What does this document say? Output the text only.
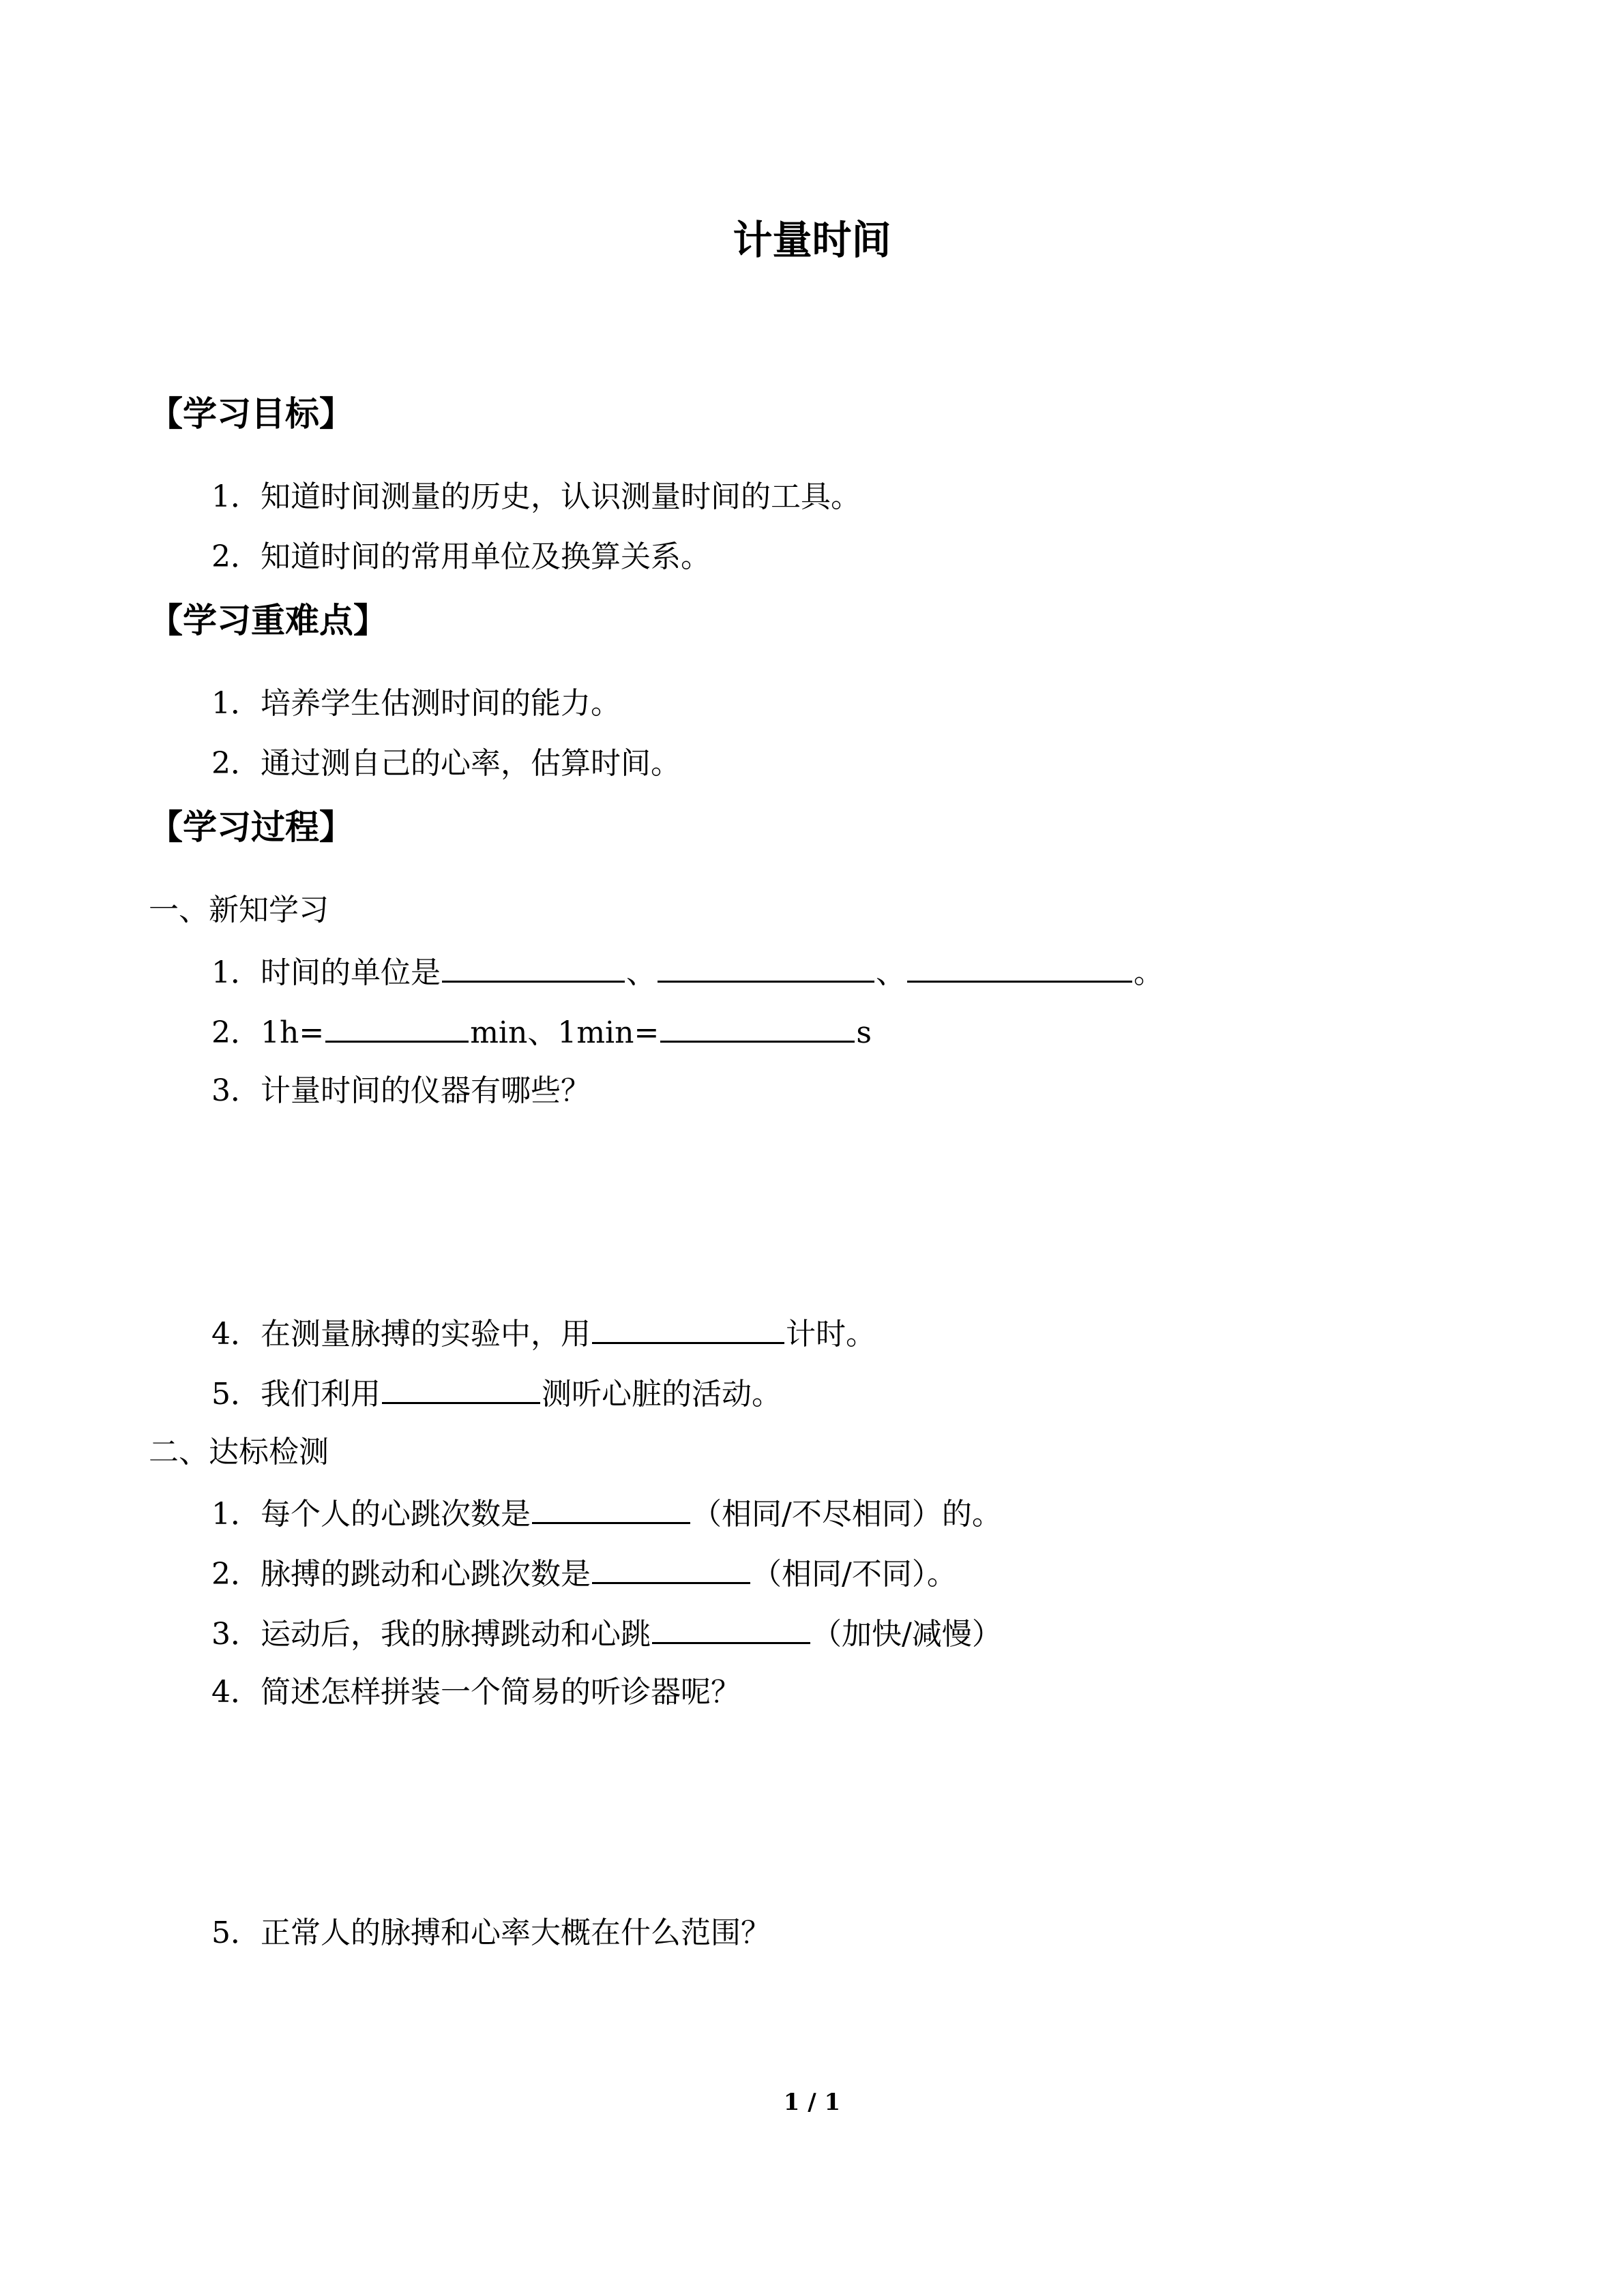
计量时间
【学习目标】
1．知道时间测量的历史，认识测量时间的工具。
2．知道时间的常用单位及换算关系。
【学习重难点】
1．培养学生估测时间的能力。
2．通过测自己的心率，估算时间。
【学习过程】
一、新知学习
1．时间的单位是	、	、	。
2．1h=	min、1min=	s
3．计量时间的仪器有哪些？
4．在测量脉搏的实验中，用	计时。
5．我们利用	测听心脏的活动。
二、达标检测
1．每个人的心跳次数是	（相同/不尽相同）的。
2．脉搏的跳动和心跳次数是	（相同/不同）。
3．运动后，我的脉搏跳动和心跳	（加快/减慢）
4．简述怎样拼装一个简易的听诊器呢？
5．正常人的脉搏和心率大概在什么范围？
1 / 1
